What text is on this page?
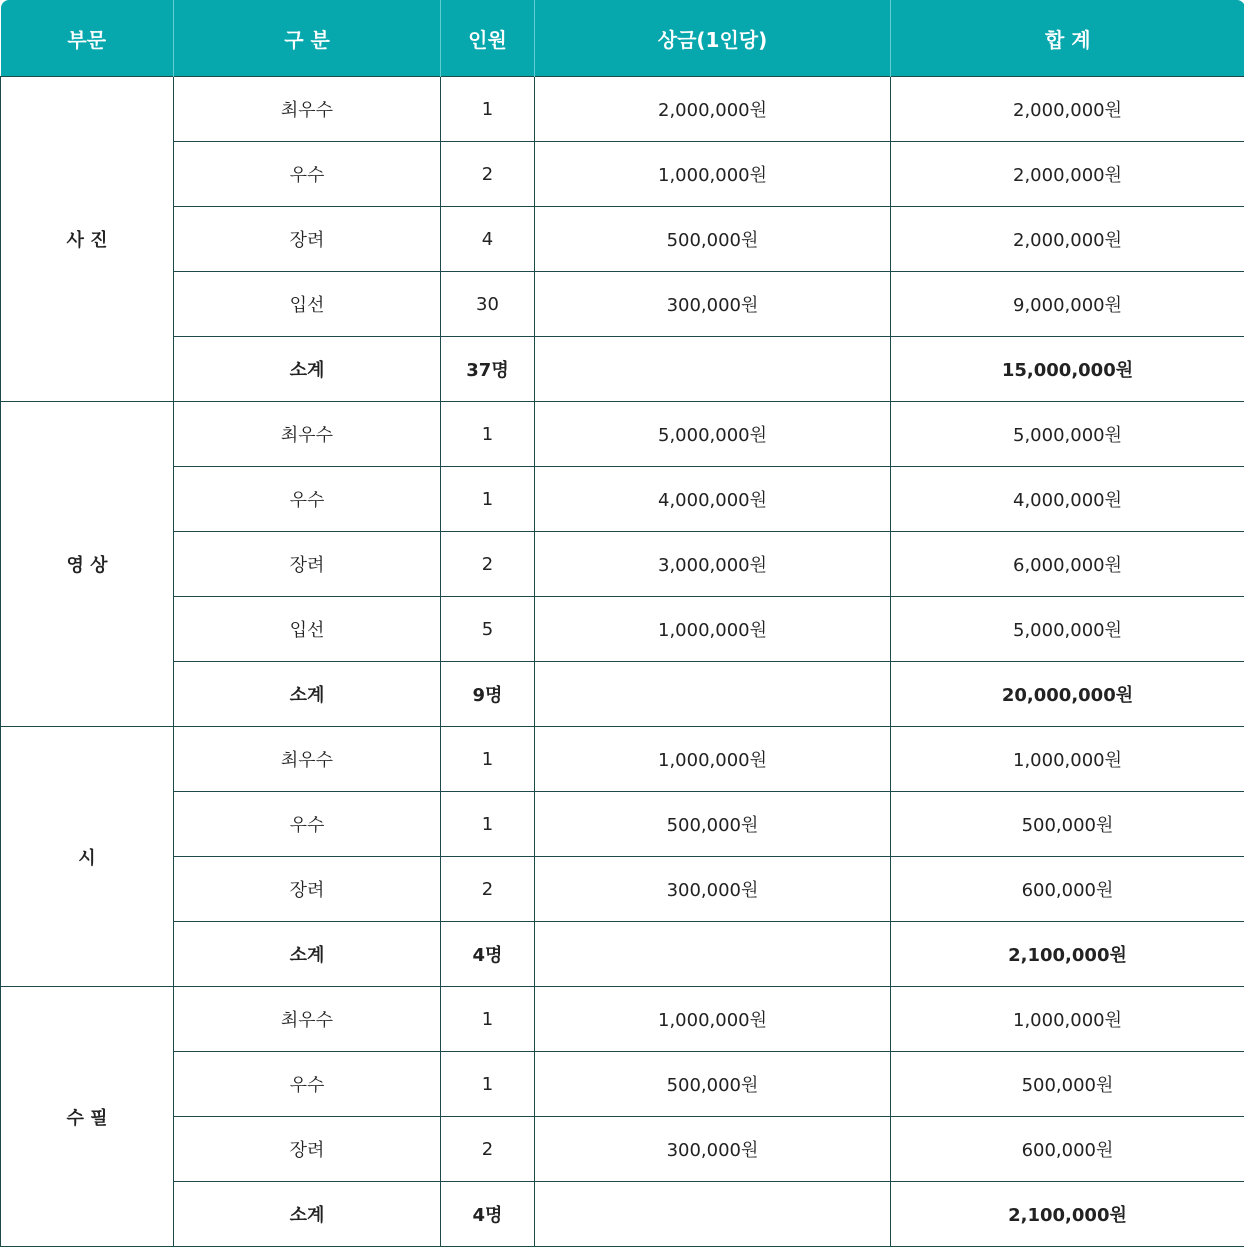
부문	구 분	인원	상금(1인당)	합 계
사 진	최우수	1	2,000,000원	2,000,000원
	우수	2	1,000,000원	2,000,000원
	장려	4	500,000원	2,000,000원
	입선	30	300,000원	9,000,000원
	소계	37명		15,000,000원
영 상	최우수	1	5,000,000원	5,000,000원
	우수	1	4,000,000원	4,000,000원
	장려	2	3,000,000원	6,000,000원
	입선	5	1,000,000원	5,000,000원
	소계	9명		20,000,000원
시	최우수	1	1,000,000원	1,000,000원
	우수	1	500,000원	500,000원
	장려	2	300,000원	600,000원
	소계	4명		2,100,000원
수 필	최우수	1	1,000,000원	1,000,000원
	우수	1	500,000원	500,000원
	장려	2	300,000원	600,000원
	소계	4명		2,100,000원
